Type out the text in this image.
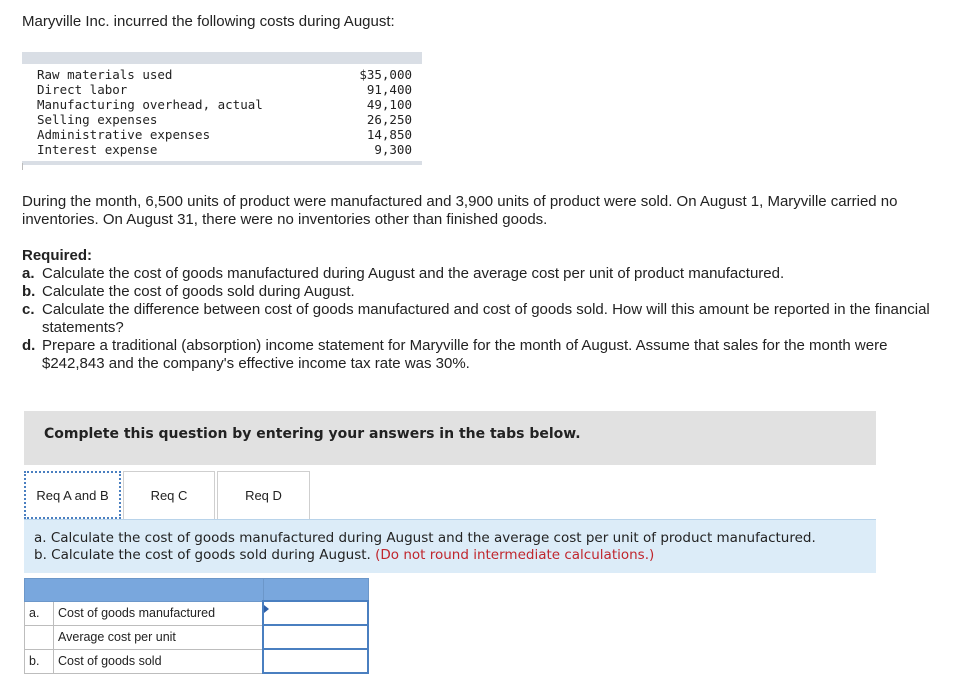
Maryville Inc. incurred the following costs during August:
Raw materials used	$35,000
Direct labor	91,400
Manufacturing overhead, actual	49,100
Selling expenses	26,250
Administrative expenses	14,850
Interest expense	9,300
During the month, 6,500 units of product were manufactured and 3,900 units of product were sold. On August 1, Maryville carried no inventories. On August 31, there were no inventories other than finished goods.
Required:
a. Calculate the cost of goods manufactured during August and the average cost per unit of product manufactured.
b. Calculate the cost of goods sold during August.
c. Calculate the difference between cost of goods manufactured and cost of goods sold. How will this amount be reported in the financial statements?
d. Prepare a traditional (absorption) income statement for Maryville for the month of August. Assume that sales for the month were $242,843 and the company's effective income tax rate was 30%.
Complete this question by entering your answers in the tabs below.
Req A and B	Req C	Req D
a. Calculate the cost of goods manufactured during August and the average cost per unit of product manufactured.
b. Calculate the cost of goods sold during August. (Do not round intermediate calculations.)

a.	Cost of goods manufactured	

	Average cost per unit	
b.	Cost of goods sold	
